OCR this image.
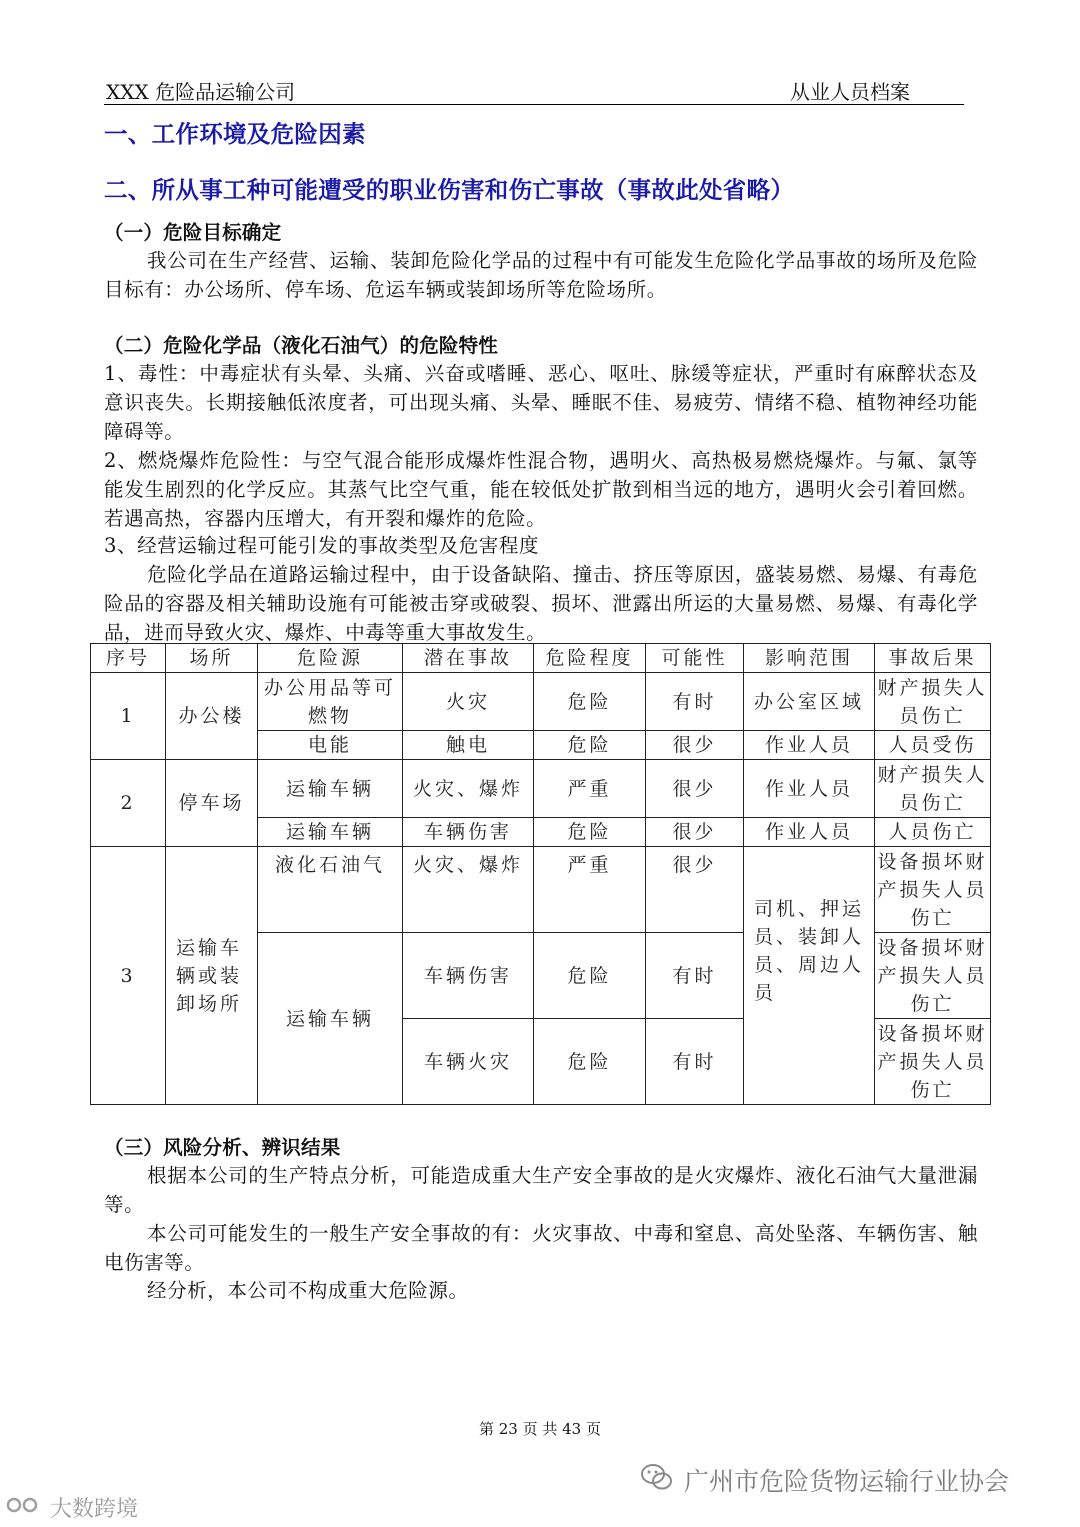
XXX 危险品运输公司	从业人员档案
一、工作环境及危险因素
二、所从事工种可能遭受的职业伤害和伤亡事故（事故此处省略）
（一）危险目标确定
我公司在生产经营、运输、装卸危险化学品的过程中有可能发生危险化学品事故的场所及危险目标有：办公场所、停车场、危运车辆或装卸场所等危险场所。
（二）危险化学品（液化石油气）的危险特性
1、毒性：中毒症状有头晕、头痛、兴奋或嗜睡、恶心、呕吐、脉缓等症状，严重时有麻醉状态及意识丧失。长期接触低浓度者，可出现头痛、头晕、睡眠不佳、易疲劳、情绪不稳、植物神经功能障碍等。
2、燃烧爆炸危险性：与空气混合能形成爆炸性混合物，遇明火、高热极易燃烧爆炸。与氟、氯等能发生剧烈的化学反应。其蒸气比空气重，能在较低处扩散到相当远的地方，遇明火会引着回燃。若遇高热，容器内压增大，有开裂和爆炸的危险。
3、经营运输过程可能引发的事故类型及危害程度
危险化学品在道路运输过程中，由于设备缺陷、撞击、挤压等原因，盛装易燃、易爆、有毒危险品的容器及相关辅助设施有可能被击穿或破裂、损坏、泄露出所运的大量易燃、易爆、有毒化学品，进而导致火灾、爆炸、中毒等重大事故发生。
序号	场所	危险源	潜在事故	危险程度	可能性	影响范围	事故后果
1	办公楼	办公用品等可燃物	火灾	危险	有时	办公室区域	财产损失人员伤亡
		电能	触电	危险	很少	作业人员	人员受伤
2	停车场	运输车辆	火灾、爆炸	严重	很少	作业人员	财产损失人员伤亡
		运输车辆	车辆伤害	危险	很少	作业人员	人员伤亡
3	运输车辆或装卸场所	液化石油气	火灾、爆炸	严重	很少	司机、押运员、装卸人员、周边人员	设备损坏财产损失人员伤亡
		运输车辆	车辆伤害	危险	有时		设备损坏财产损失人员伤亡
			车辆火灾	危险	有时		设备损坏财产损失人员伤亡
（三）风险分析、辨识结果
根据本公司的生产特点分析，可能造成重大生产安全事故的是火灾爆炸、液化石油气大量泄漏等。
本公司可能发生的一般生产安全事故的有：火灾事故、中毒和窒息、高处坠落、车辆伤害、触电伤害等。
经分析，本公司不构成重大危险源。
第 23 页 共 43 页
广州市危险货物运输行业协会
大数跨境
